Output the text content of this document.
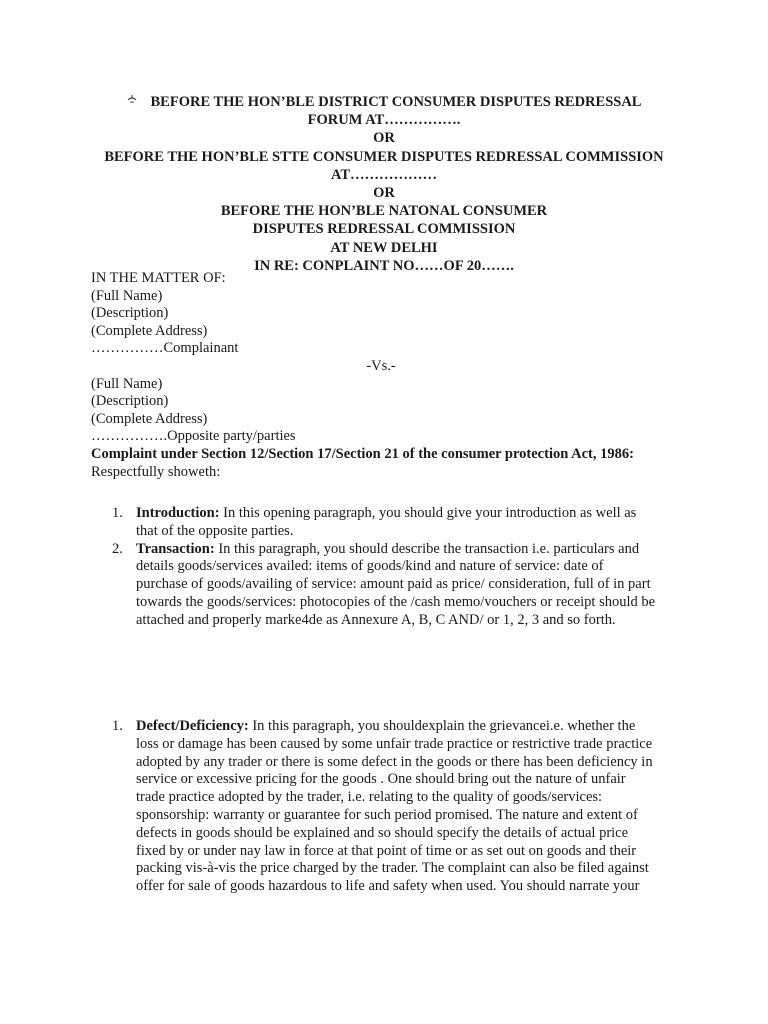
BEFORE THE HON’BLE DISTRICT CONSUMER DISPUTES REDRESSAL
FORUM AT…………….
OR
BEFORE THE HON’BLE STTE CONSUMER DISPUTES REDRESSAL COMMISSION
AT………………
OR
BEFORE THE HON’BLE NATONAL CONSUMER
DISPUTES REDRESSAL COMMISSION
AT NEW DELHI
IN RE: CONPLAINT NO……OF 20…….
IN THE MATTER OF:
(Full Name)
(Description)
(Complete Address)
……………Complainant
-Vs.-
(Full Name)
(Description)
(Complete Address)
…………….Opposite party/parties
Complaint under Section 12/Section 17/Section 21 of the consumer protection Act, 1986:
Respectfully showeth:
1. Introduction: In this opening paragraph, you should give your introduction as well as
that of the opposite parties.
2. Transaction: In this paragraph, you should describe the transaction i.e. particulars and
details goods/services availed: items of goods/kind and nature of service: date of
purchase of goods/availing of service: amount paid as price/ consideration, full of in part
towards the goods/services: photocopies of the /cash memo/vouchers or receipt should be
attached and properly marke4de as Annexure A, B, C AND/ or 1, 2, 3 and so forth.
1. Defect/Deficiency: In this paragraph, you shouldexplain the grievancei.e. whether the
loss or damage has been caused by some unfair trade practice or restrictive trade practice
adopted by any trader or there is some defect in the goods or there has been deficiency in
service or excessive pricing for the goods . One should bring out the nature of unfair
trade practice adopted by the trader, i.e. relating to the quality of goods/services:
sponsorship: warranty or guarantee for such period promised. The nature and extent of
defects in goods should be explained and so should specify the details of actual price
fixed by or under nay law in force at that point of time or as set out on goods and their
packing vis-à-vis the price charged by the trader. The complaint can also be filed against
offer for sale of goods hazardous to life and safety when used. You should narrate your
